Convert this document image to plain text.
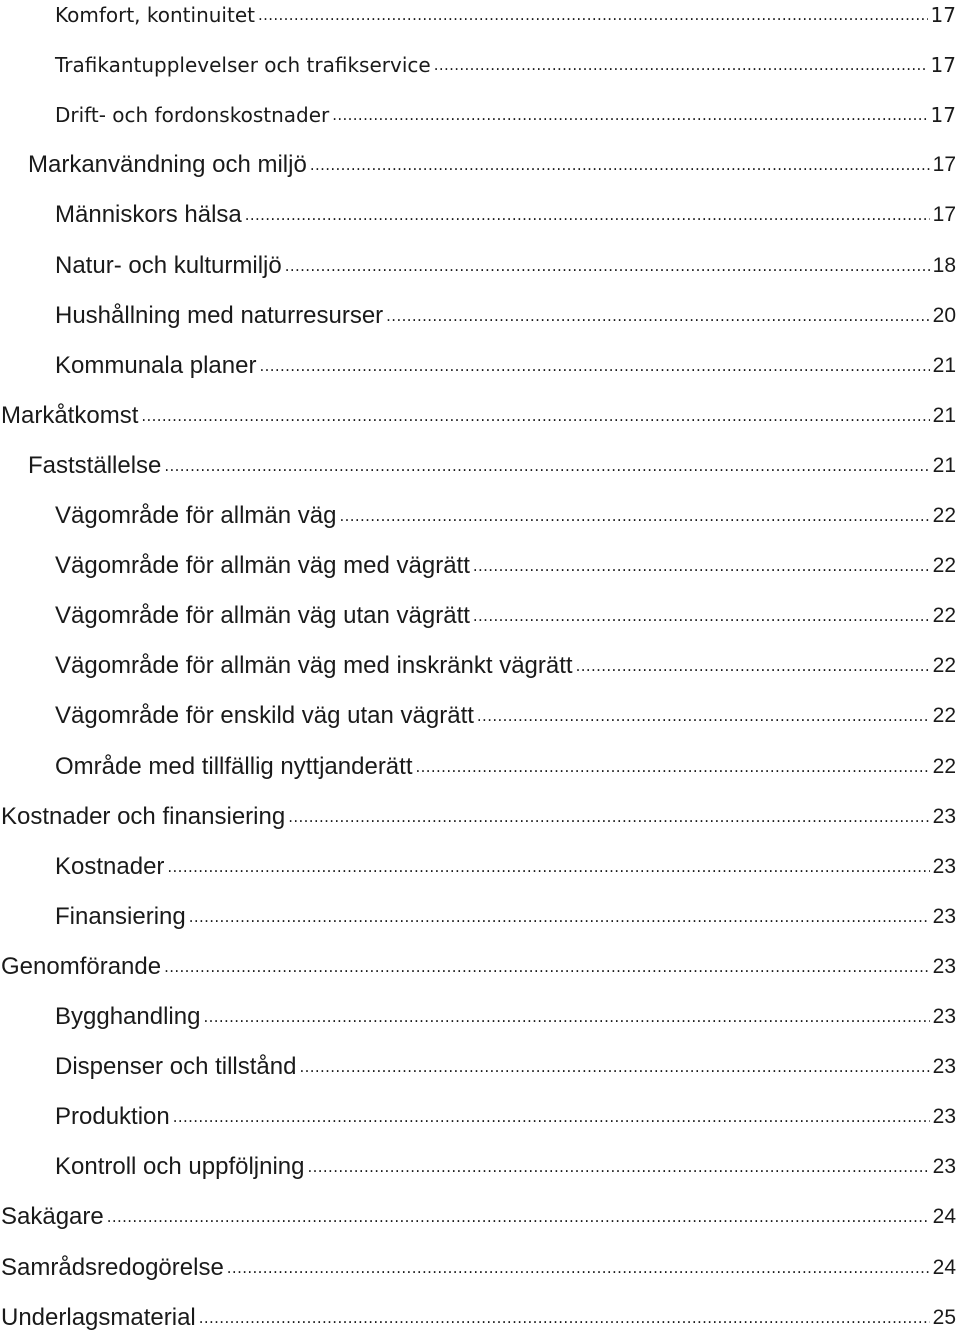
Komfort, kontinuitet . . .	17
Trafikantupplevelser och trafikservice . . .	17
Drift- och fordonskostnader . . .	17
Markanvändning och miljö . . .	17
Människors hälsa . . .	17
Natur- och kulturmiljö . . .	18
Hushållning med naturresurser . . .	20
Kommunala planer . . .	21
Markåtkomst . . .	21
Fastställelse . . .	21
Vägområde för allmän väg . . .	22
Vägområde för allmän väg med vägrätt . . .	22
Vägområde för allmän väg utan vägrätt . . .	22
Vägområde för allmän väg med inskränkt vägrätt . . .	22
Vägområde för enskild väg utan vägrätt . . .	22
Område med tillfällig nyttjanderätt . . .	22
Kostnader och finansiering . . .	23
Kostnader . . .	23
Finansiering . . .	23
Genomförande . . .	23
Bygghandling . . .	23
Dispenser och tillstånd . . .	23
Produktion . . .	23
Kontroll och uppföljning . . .	23
Sakägare . . .	24
Samrådsredogörelse . . .	24
Underlagsmaterial . . .	25
